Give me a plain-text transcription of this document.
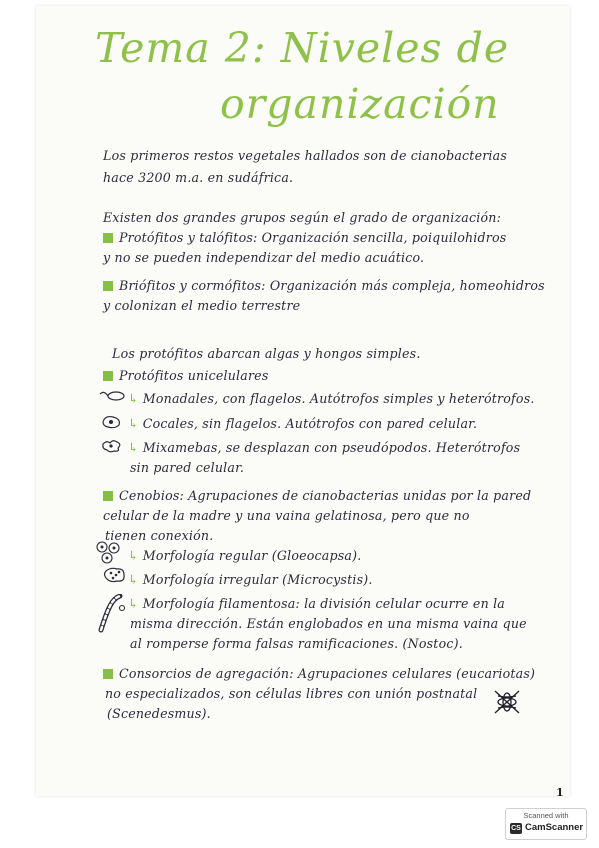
Tema 2: Niveles de
organización
Los primeros restos vegetales hallados son de cianobacterias
hace 3200 m.a. en sudáfrica.
Existen dos grandes grupos según el grado de organización:
Protófitos y talófitos: Organización sencilla, poiquilohidros
y no se pueden independizar del medio acuático.
Briófitos y cormófitos: Organización más compleja, homeohidros
y colonizan el medio terrestre
Los protófitos abarcan algas y hongos simples.
Protófitos unicelulares
↳ Monadales, con flagelos. Autótrofos simples y heterótrofos.
↳ Cocales, sin flagelos. Autótrofos con pared celular.
↳ Mixamebas, se desplazan con pseudópodos. Heterótrofos
sin pared celular.
Cenobios: Agrupaciones de cianobacterias unidas por la pared
celular de la madre y una vaina gelatinosa, pero que no
tienen conexión.
↳ Morfología regular (Gloeocapsa).
↳ Morfología irregular (Microcystis).
↳ Morfología filamentosa: la división celular ocurre en la
misma dirección. Están englobados en una misma vaina que
al romperse forma falsas ramificaciones. (Nostoc).
Consorcios de agregación: Agrupaciones celulares (eucariotas)
no especializados, son células libres con unión postnatal
(Scenedesmus).
1
Scanned with
CS CamScanner
